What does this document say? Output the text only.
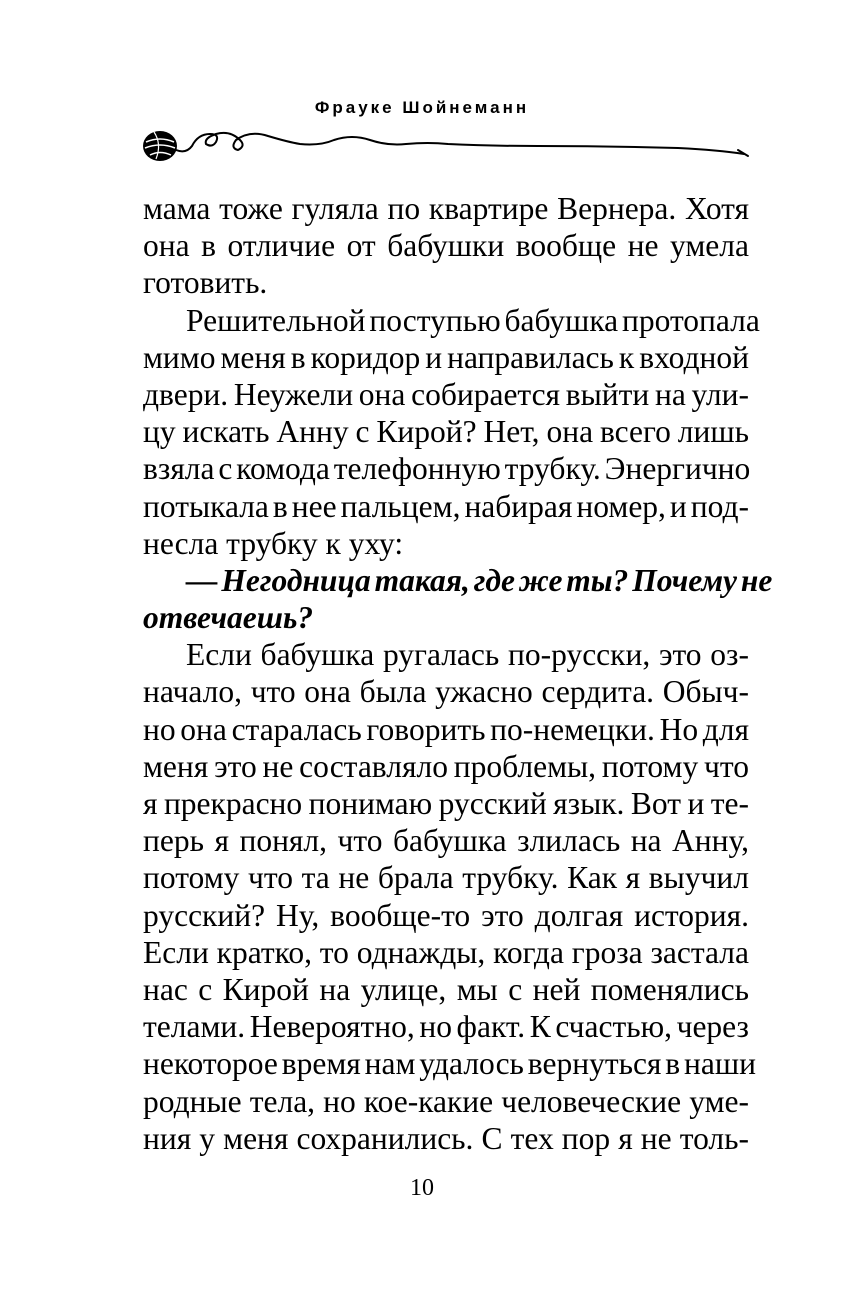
Фрауке Шойнеманн
мама тоже гуляла по квартире Вернера. Хотя
она в отличие от бабушки вообще не умела
готовить.
Решительной поступью бабушка протопала
мимо меня в коридор и направилась к входной
двери. Неужели она собирается выйти на ули-
цу искать Анну с Кирой? Нет, она всего лишь
взяла с комода телефонную трубку. Энергично
потыкала в нее пальцем, набирая номер, и под-
несла трубку к уху:
— Негодница такая, где же ты? Почему не
отвечаешь?
Если бабушка ругалась по-русски, это оз-
начало, что она была ужасно сердита. Обыч-
но она старалась говорить по-немецки. Но для
меня это не составляло проблемы, потому что
я прекрасно понимаю русский язык. Вот и те-
перь я понял, что бабушка злилась на Анну,
потому что та не брала трубку. Как я выучил
русский? Ну, вообще-то это долгая история.
Если кратко, то однажды, когда гроза застала
нас с Кирой на улице, мы с ней поменялись
телами. Невероятно, но факт. К счастью, через
некоторое время нам удалось вернуться в наши
родные тела, но кое-какие человеческие уме-
ния у меня сохранились. С тех пор я не толь-
10
